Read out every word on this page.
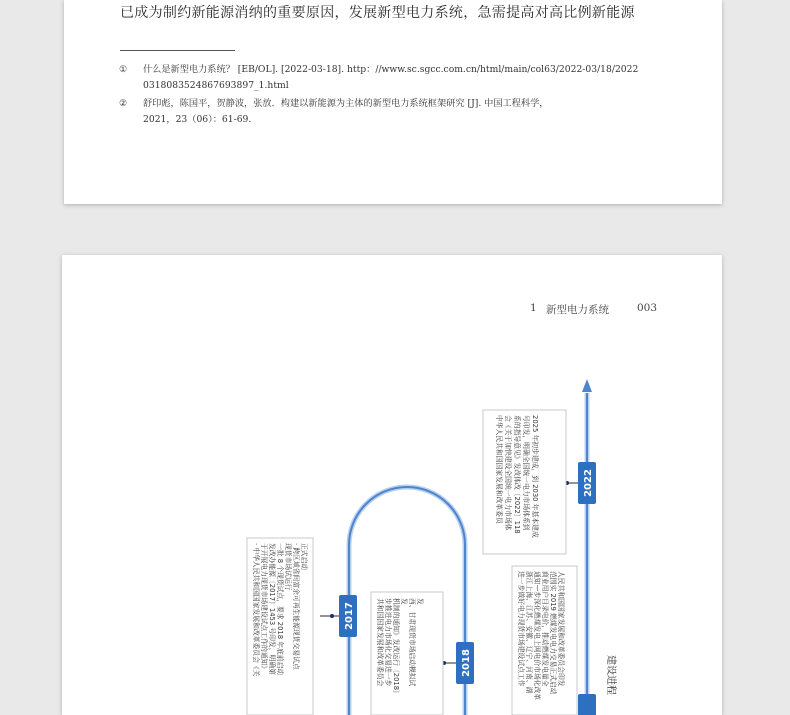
已成为制约新能源消纳的重要原因，发展新型电力系统，急需提高对高比例新能源
① 什么是新型电力系统？ [EB/OL]. [2022-03-18]. http：//www.sc.sgcc.com.cn/html/main/col63/2022-03/18/2022
0318083524867693897_1.html
② 舒印彪，陈国平，贺静波，张放．构建以新能源为主体的新型电力系统框架研究 [J]. 中国工程科学，
2021，23（06）：61-69.
1 新型电力系统	003
2017
2018
2022
· 中华人民共和国国家发展和改革委员会《关 于开展电力现货市场建设试点工作的通知》 发改办能源〔2017〕1453 号印发，明确第 一批 8 个现货试点，要求 2018 年底前启动 现货市场试运行 · 跨区域省间富余可再生能源现货交易试点 正式启动
共和国国家发展和改革委员会 步推进电力市场化交易进一步 机制的通知》发改运行〔2018〕 发 西、甘肃现货市场启动模拟试 发
中华人民共和国国家发展和改革委员 会《关于加快建设全国统一电力市场体 系的指导意见》发改体改〔2022〕118 号印发，明确全国统一电力市场体系到 2025 年初步建成，到 2030 年基本建成
进一步做好电力现货市场建设试点工作 浙江上海、江苏、安徽、辽宁、河南、湖 通知—步深化燃煤发电上网电价市场化改革 商业用户目录电价，推动燃煤发电量全 范围实 2019 燃煤发电电力交易正式启动 人民共和国国家发展和改革委员会印发	建设进程
